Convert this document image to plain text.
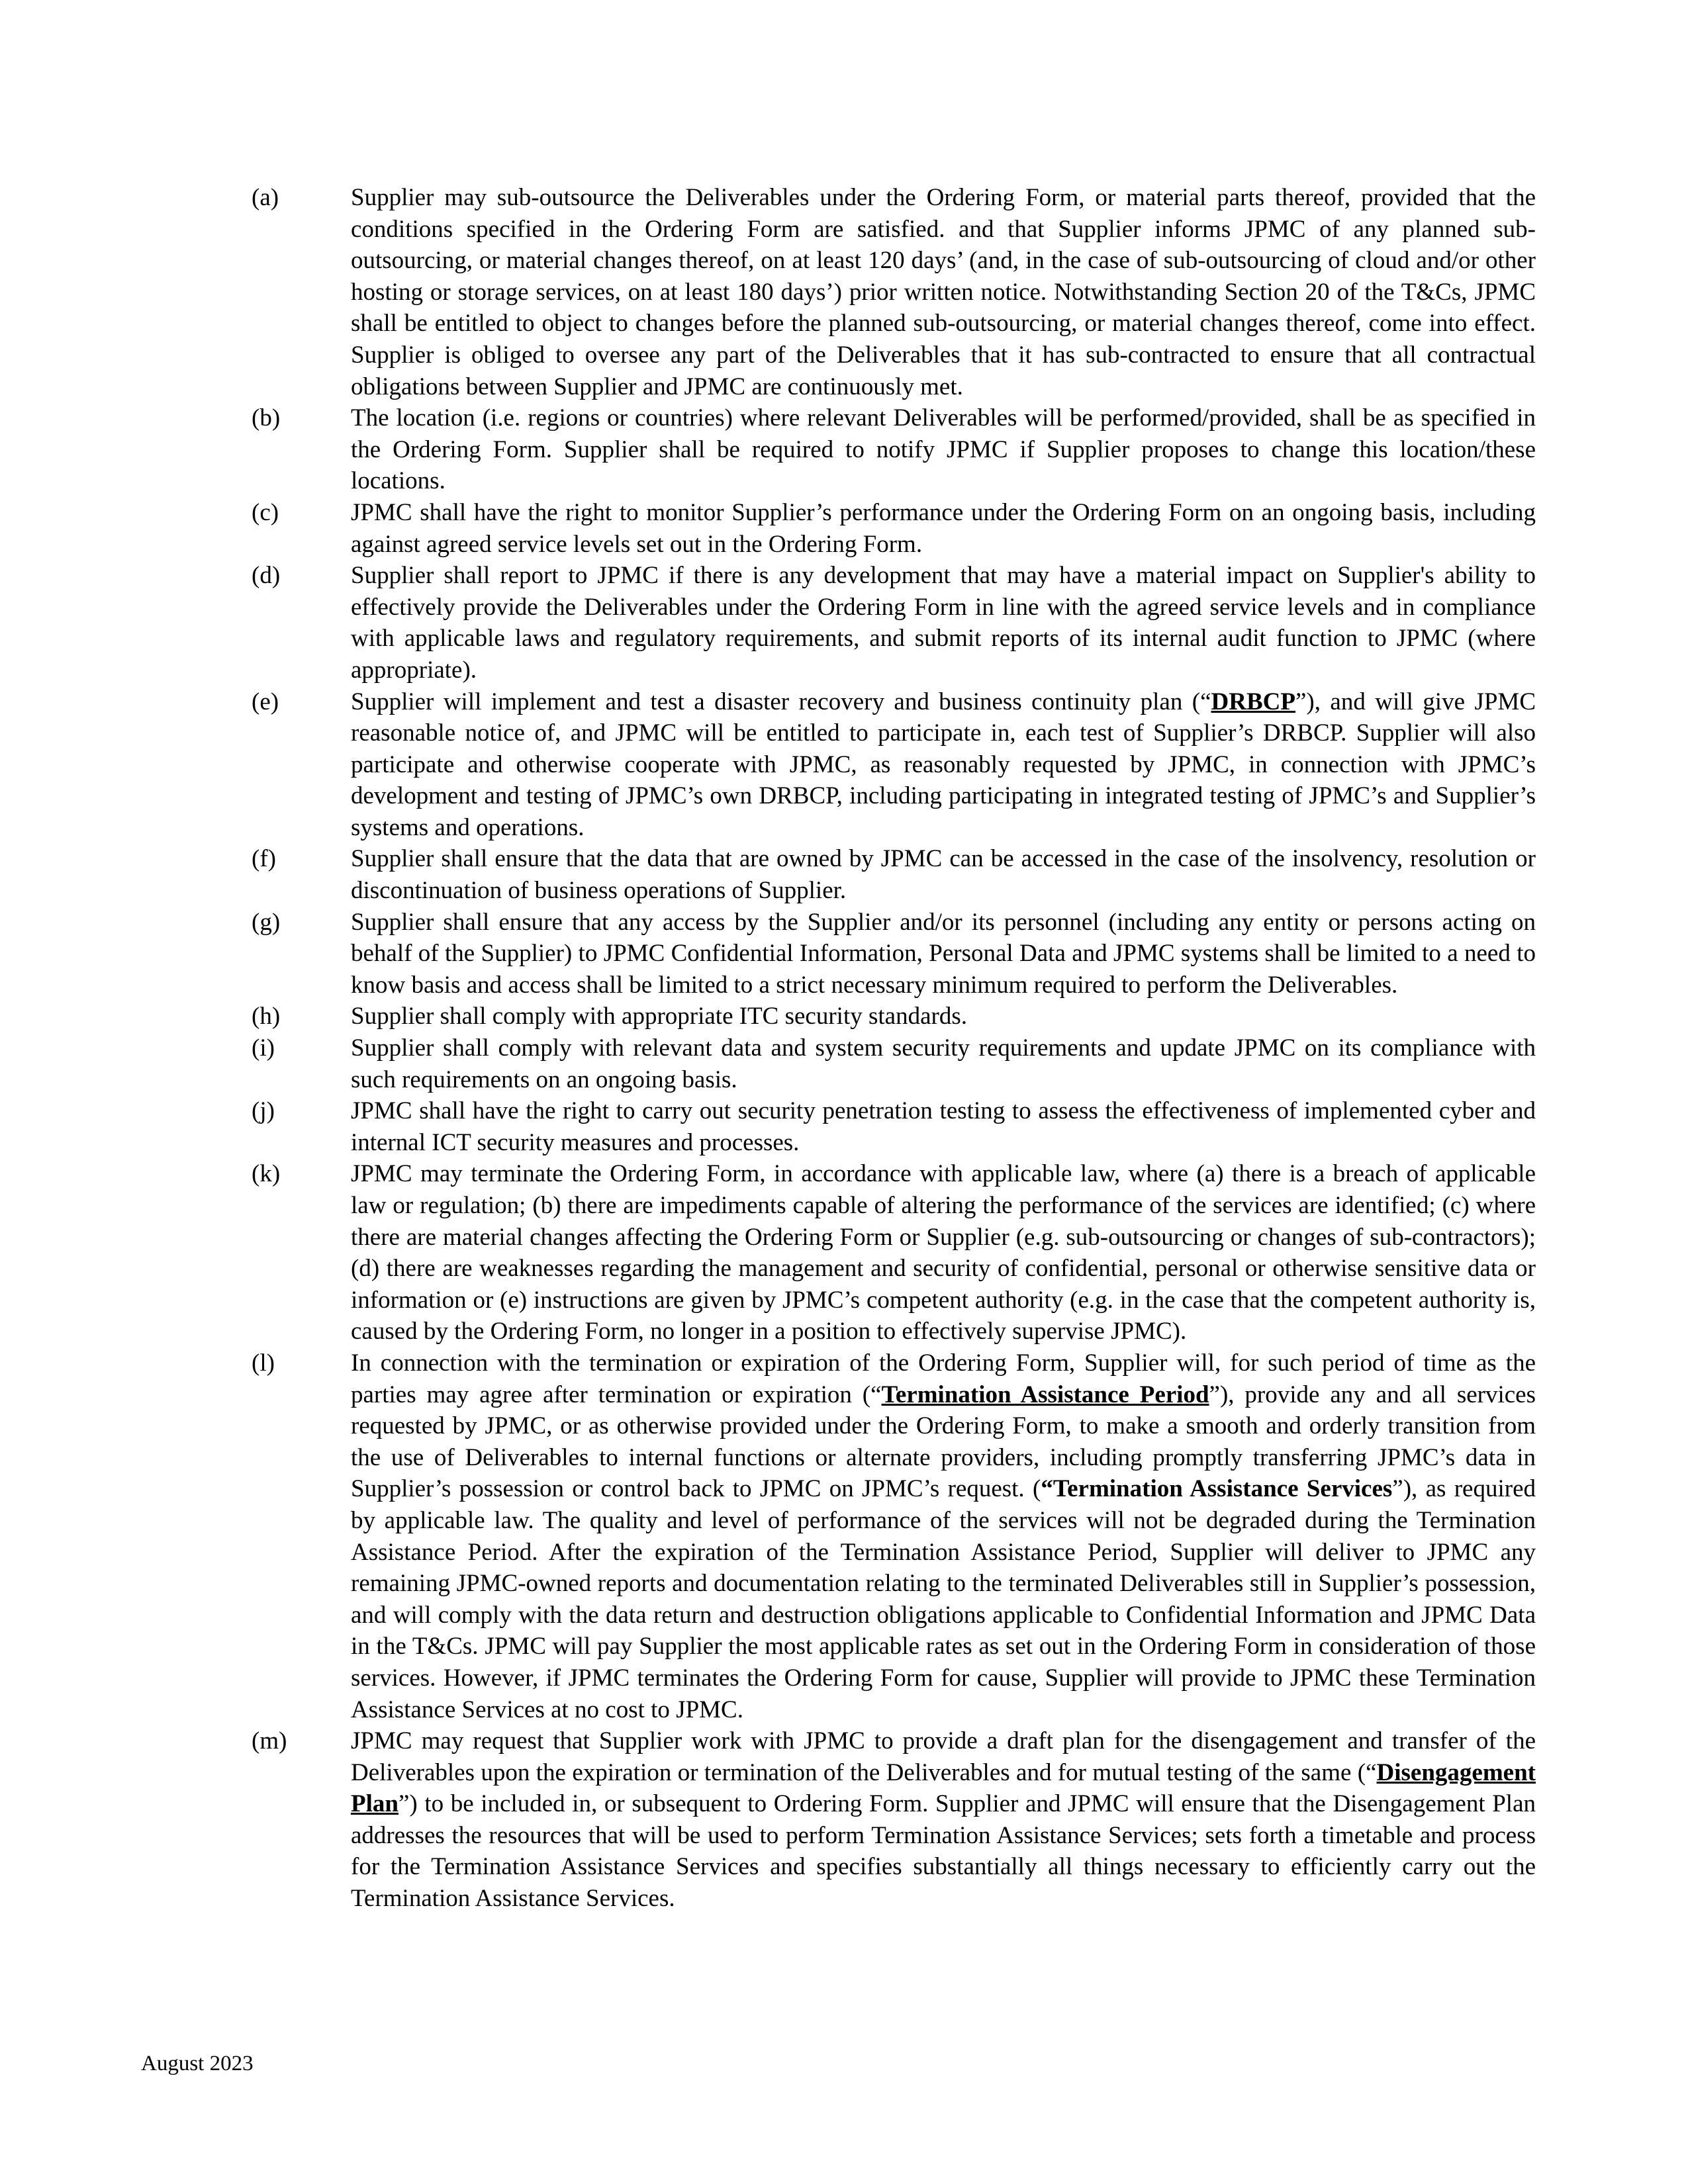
(a)	Supplier may sub-outsource the Deliverables under the Ordering Form, or material parts thereof, provided that the conditions specified in the Ordering Form are satisfied. and that Supplier informs JPMC of any planned sub-outsourcing, or material changes thereof, on at least 120 days’ (and, in the case of sub-outsourcing of cloud and/or other hosting or storage services, on at least 180 days’) prior written notice. Notwithstanding Section 20 of the T&Cs, JPMC shall be entitled to object to changes before the planned sub-outsourcing, or material changes thereof, come into effect. Supplier is obliged to oversee any part of the Deliverables that it has sub-contracted to ensure that all contractual obligations between Supplier and JPMC are continuously met.
(b)	The location (i.e. regions or countries) where relevant Deliverables will be performed/provided, shall be as specified in the Ordering Form. Supplier shall be required to notify JPMC if Supplier proposes to change this location/these locations.
(c)	JPMC shall have the right to monitor Supplier’s performance under the Ordering Form on an ongoing basis, including against agreed service levels set out in the Ordering Form.
(d)	Supplier shall report to JPMC if there is any development that may have a material impact on Supplier's ability to effectively provide the Deliverables under the Ordering Form in line with the agreed service levels and in compliance with applicable laws and regulatory requirements, and submit reports of its internal audit function to JPMC (where appropriate).
(e)	Supplier will implement and test a disaster recovery and business continuity plan (“DRBCP”), and will give JPMC reasonable notice of, and JPMC will be entitled to participate in, each test of Supplier’s DRBCP. Supplier will also participate and otherwise cooperate with JPMC, as reasonably requested by JPMC, in connection with JPMC’s development and testing of JPMC’s own DRBCP, including participating in integrated testing of JPMC’s and Supplier’s systems and operations.
(f)	Supplier shall ensure that the data that are owned by JPMC can be accessed in the case of the insolvency, resolution or discontinuation of business operations of Supplier.
(g)	Supplier shall ensure that any access by the Supplier and/or its personnel (including any entity or persons acting on behalf of the Supplier) to JPMC Confidential Information, Personal Data and JPMC systems shall be limited to a need to know basis and access shall be limited to a strict necessary minimum required to perform the Deliverables.
(h)	Supplier shall comply with appropriate ITC security standards.
(i)	Supplier shall comply with relevant data and system security requirements and update JPMC on its compliance with such requirements on an ongoing basis.
(j)	JPMC shall have the right to carry out security penetration testing to assess the effectiveness of implemented cyber and internal ICT security measures and processes.
(k)	JPMC may terminate the Ordering Form, in accordance with applicable law, where (a) there is a breach of applicable law or regulation; (b) there are impediments capable of altering the performance of the services are identified; (c) where there are material changes affecting the Ordering Form or Supplier (e.g. sub-outsourcing or changes of sub-contractors); (d) there are weaknesses regarding the management and security of confidential, personal or otherwise sensitive data or information or (e) instructions are given by JPMC’s competent authority (e.g. in the case that the competent authority is, caused by the Ordering Form, no longer in a position to effectively supervise JPMC).
(l)	In connection with the termination or expiration of the Ordering Form, Supplier will, for such period of time as the parties may agree after termination or expiration (“Termination Assistance Period”), provide any and all services requested by JPMC, or as otherwise provided under the Ordering Form, to make a smooth and orderly transition from the use of Deliverables to internal functions or alternate providers, including promptly transferring JPMC’s data in Supplier’s possession or control back to JPMC on JPMC’s request. (“Termination Assistance Services”), as required by applicable law. The quality and level of performance of the services will not be degraded during the Termination Assistance Period. After the expiration of the Termination Assistance Period, Supplier will deliver to JPMC any remaining JPMC-owned reports and documentation relating to the terminated Deliverables still in Supplier’s possession, and will comply with the data return and destruction obligations applicable to Confidential Information and JPMC Data in the T&Cs. JPMC will pay Supplier the most applicable rates as set out in the Ordering Form in consideration of those services. However, if JPMC terminates the Ordering Form for cause, Supplier will provide to JPMC these Termination Assistance Services at no cost to JPMC.
(m)	JPMC may request that Supplier work with JPMC to provide a draft plan for the disengagement and transfer of the Deliverables upon the expiration or termination of the Deliverables and for mutual testing of the same (“Disengagement Plan”) to be included in, or subsequent to Ordering Form. Supplier and JPMC will ensure that the Disengagement Plan addresses the resources that will be used to perform Termination Assistance Services; sets forth a timetable and process for the Termination Assistance Services and specifies substantially all things necessary to efficiently carry out the Termination Assistance Services.
August 2023
